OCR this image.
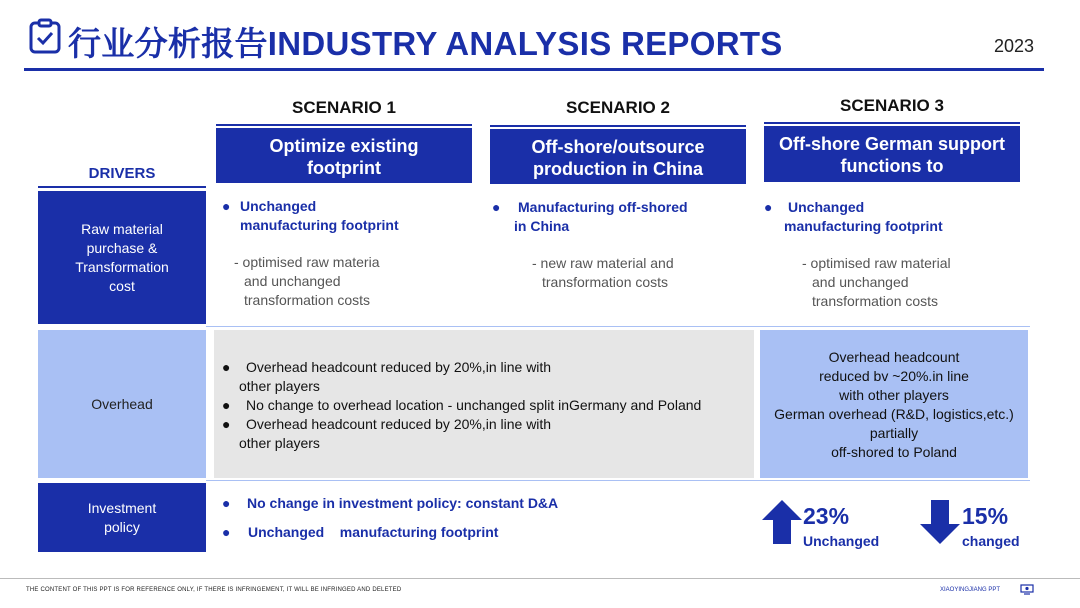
行业分析报告INDUSTRY ANALYSIS REPORTS	2023
SCENARIO 1
Optimize existing
footprint
SCENARIO 2
Off-shore/outsource
production in China
SCENARIO 3
Off-shore German support
functions to
DRIVERS
Raw material
purchase &
Transformation
cost
Overhead
Investment
policy
● Unchanged
manufacturing footprint
- optimised raw materia
and unchanged
transformation costs
● Manufacturing off-shored
in China
- new raw material and
transformation costs
● Unchanged
manufacturing footprint
- optimised raw material
and unchanged
transformation costs
● Overhead headcount reduced by 20%,in line with
other players
● No change to overhead location - unchanged split inGermany and Poland
● Overhead headcount reduced by 20%,in line with
other players
Overhead headcount
reduced bv ~20%.in line
with other players
German overhead (R&D, logistics,etc.)
partially
off-shored to Poland
● No change in investment policy: constant D&A
● Unchanged    manufacturing footprint
23%
Unchanged
15%
changed
THE CONTENT OF THIS PPT IS FOR REFERENCE ONLY, IF THERE IS INFRINGEMENT, IT WILL BE INFRINGED AND DELETED	XIAOYINGJIANG PPT
